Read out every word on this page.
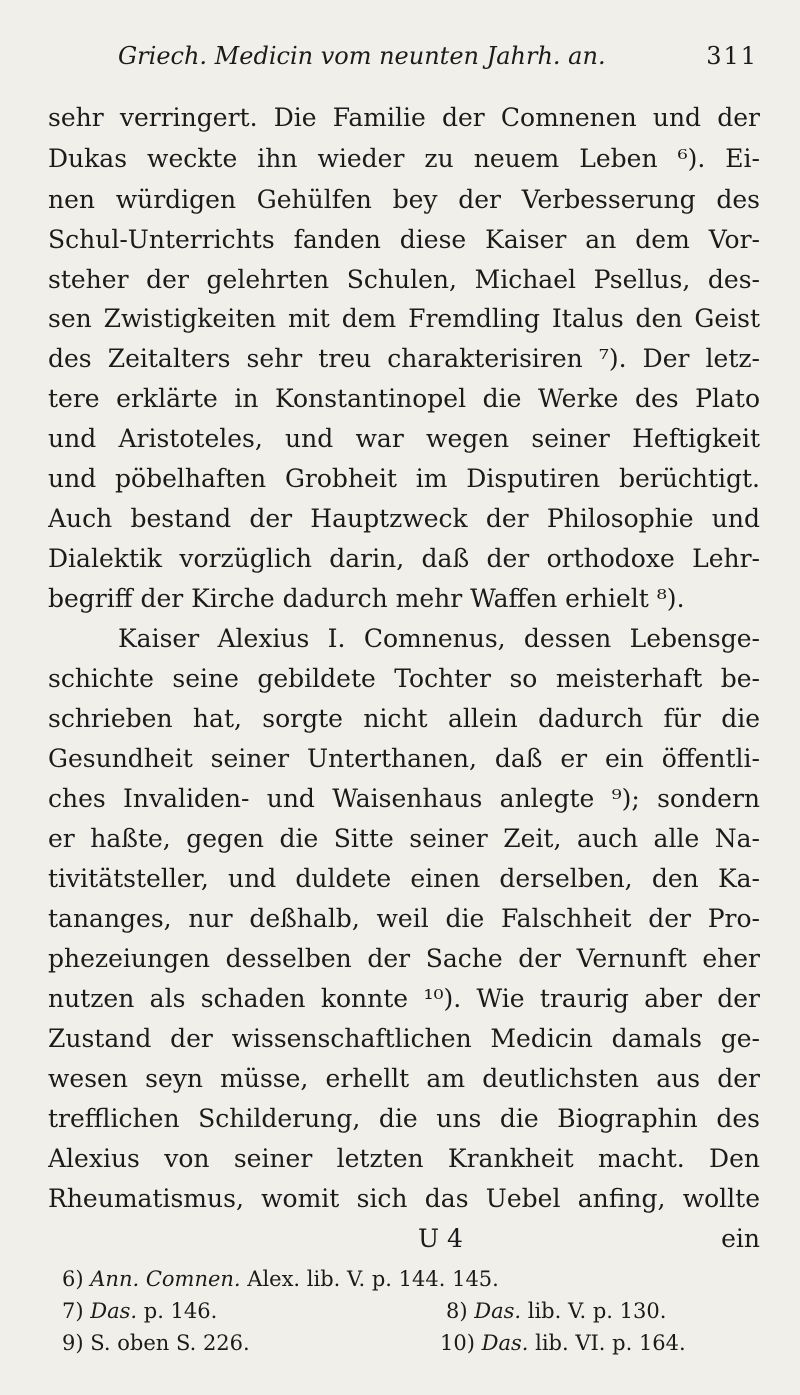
Griech. Medicin vom neunten Jahrh. an.	311
sehr verringert. Die Familie der Comnenen und der
Dukas weckte ihn wieder zu neuem Leben ⁶). Ei-
nen würdigen Gehülfen bey der Verbesserung des
Schul-Unterrichts fanden diese Kaiser an dem Vor-
steher der gelehrten Schulen, Michael Psellus, des-
sen Zwistigkeiten mit dem Fremdling Italus den Geist
des Zeitalters sehr treu charakterisiren ⁷). Der letz-
tere erklärte in Konstantinopel die Werke des Plato
und Aristoteles, und war wegen seiner Heftigkeit
und pöbelhaften Grobheit im Disputiren berüchtigt.
Auch bestand der Hauptzweck der Philosophie und
Dialektik vorzüglich darin, daß der orthodoxe Lehr-
begriff der Kirche dadurch mehr Waffen erhielt ⁸).
Kaiser Alexius I. Comnenus, dessen Lebensge-
schichte seine gebildete Tochter so meisterhaft be-
schrieben hat, sorgte nicht allein dadurch für die
Gesundheit seiner Unterthanen, daß er ein öffentli-
ches Invaliden- und Waisenhaus anlegte ⁹); sondern
er haßte, gegen die Sitte seiner Zeit, auch alle Na-
tivitätsteller, und duldete einen derselben, den Ka-
tananges, nur deßhalb, weil die Falschheit der Pro-
phezeiungen desselben der Sache der Vernunft eher
nutzen als schaden konnte ¹⁰). Wie traurig aber der
Zustand der wissenschaftlichen Medicin damals ge-
wesen seyn müsse, erhellt am deutlichsten aus der
trefflichen Schilderung, die uns die Biographin des
Alexius von seiner letzten Krankheit macht. Den
Rheumatismus, womit sich das Uebel anfing, wollte
U 4	ein
6) Ann. Comnen. Alex. lib. V. p. 144. 145.
7) Das. p. 146.	8) Das. lib. V. p. 130.
9) S. oben S. 226.	10) Das. lib. VI. p. 164.
